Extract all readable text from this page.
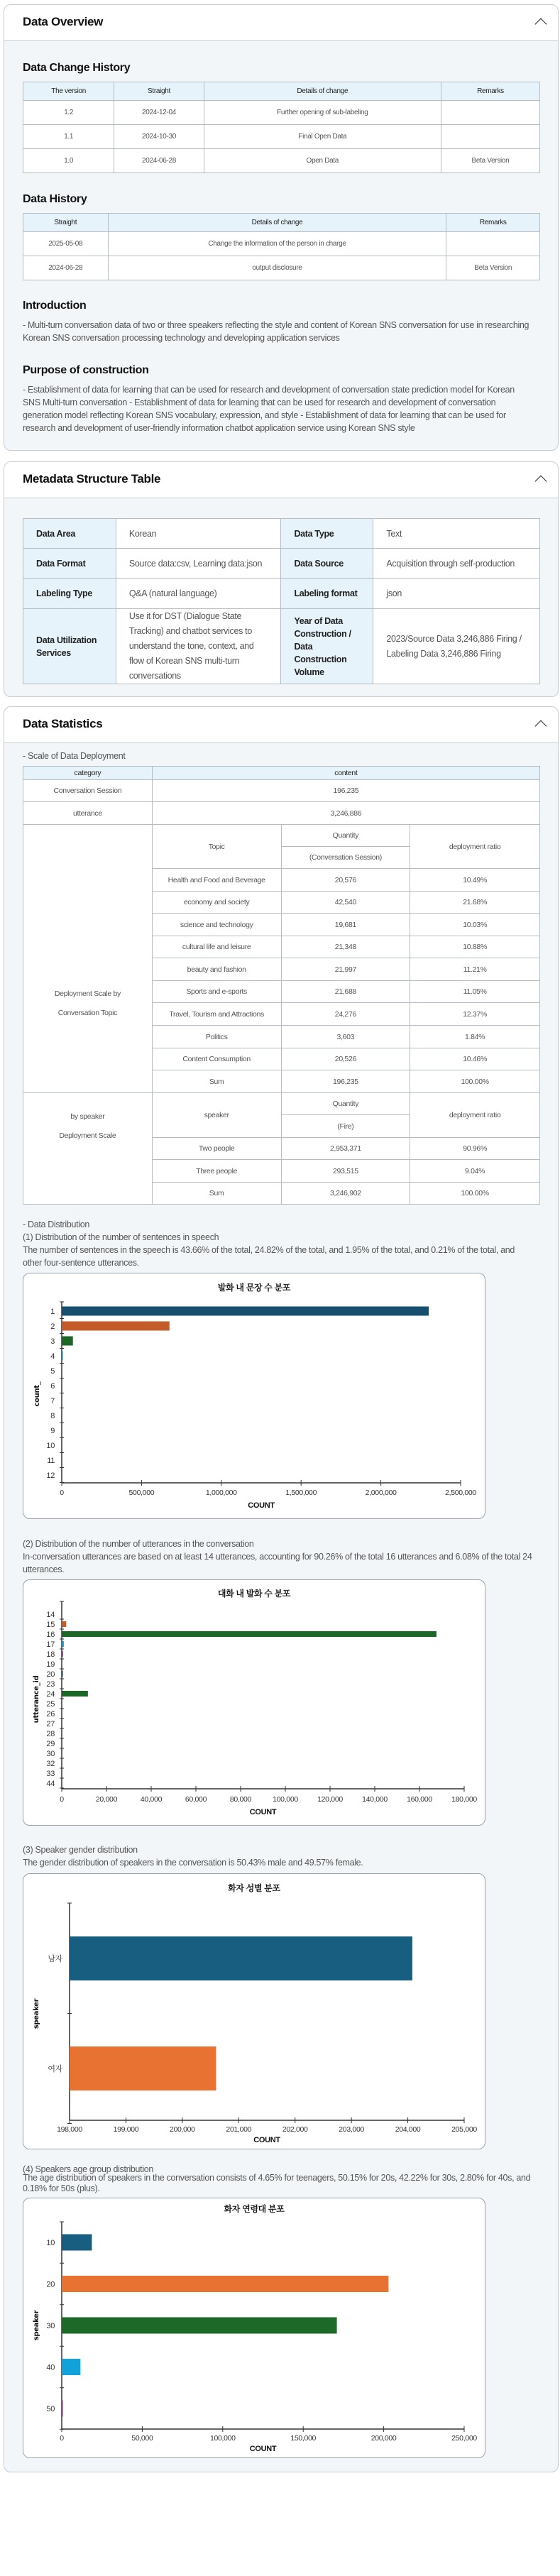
Data Overview
Data Change History
The version	Straight	Details of change	Remarks
1.2	2024-12-04	Further opening of sub-labeling	
1.1	2024-10-30	Final Open Data	
1.0	2024-06-28	Open Data	Beta Version
Data History
Straight	Details of change	Remarks
2025-05-08	Change the information of the person in charge	
2024-06-28	output disclosure	Beta Version
Introduction
- Multi-turn conversation data of two or three speakers reflecting the style and content of Korean SNS conversation for use in researching Korean SNS conversation processing technology and developing application services
Purpose of construction
- Establishment of data for learning that can be used for research and development of conversation state prediction model for Korean SNS Multi-turn conversation - Establishment of data for learning that can be used for research and development of conversation generation model reflecting Korean SNS vocabulary, expression, and style - Establishment of data for learning that can be used for research and development of user-friendly information chatbot application service using Korean SNS style
Metadata Structure Table
Data Area	Korean	Data Type	Text
Data Format	Source data:csv, Learning data:json	Data Source	Acquisition through self-production
Labeling Type	Q&A (natural language)	Labeling format	json
Data Utilization Services	Use it for DST (Dialogue State Tracking) and chatbot services to understand the tone, context, and flow of Korean SNS multi-turn conversations	Year of Data Construction / Data Construction Volume	2023/Source Data 3,246,886 Firing / Labeling Data 3,246,886 Firing
Data Statistics
- Scale of Data Deployment
category	content		
Conversation Session	196,235		
utterance	3,246,886		
Deployment Scale by Conversation Topic	Topic	Quantity	deployment ratio
		(Conversation Session)	
	Health and Food and Beverage	20,576	10.49%
	economy and society	42,540	21.68%
	science and technology	19,681	10.03%
	cultural life and leisure	21,348	10.88%
	beauty and fashion	21,997	11.21%
	Sports and e-sports	21,688	11.05%
	Travel, Tourism and Attractions	24,276	12.37%
	Politics	3,603	1.84%
	Content Consumption	20,526	10.46%
	Sum	196,235	100.00%
by speaker
Deployment Scale	speaker	Quantity	deployment ratio
		(Fire)	
	Two people	2,953,371	90.96%
	Three people	293,515	9.04%
	Sum	3,246,902	100.00%
- Data Distribution
(1) Distribution of the number of sentences in speech
The number of sentences in the speech is 43.66% of the total, 24.82% of the total, and 1.95% of the total, and 0.21% of the total, and other four-sentence utterances.
1
2
3
4
5
6
7
8
9
10
11
12
0	500,000	1,000,000	1,500,000	2,000,000	2,500,000
COUNT
count_
발화 내 문장 수 분포
(2) Distribution of the number of utterances in the conversation
In-conversation utterances are based on at least 14 utterances, accounting for 90.26% of the total 16 utterances and 6.08% of the total 24 utterances.
14
15
16
17
18
19
20
23
24
25
26
27
28
29
30
32
33
44
0	20,000	40,000	60,000	80,000	100,000	120,000	140,000	160,000	180,000
COUNT
utterance_id
대화 내 발화 수 분포
(3) Speaker gender distribution
The gender distribution of speakers in the conversation is 50.43% male and 49.57% female.
남자
여자
198,000	199,000	200,000	201,000	202,000	203,000	204,000	205,000
COUNT
speaker
화자 성별 분포
(4) Speakers age group distribution
The age distribution of speakers in the conversation consists of 4.65% for teenagers, 50.15% for 20s, 42.22% for 30s, 2.80% for 40s, and 0.18% for 50s (plus).
10
20
30
40
50
0	50,000	100,000	150,000	200,000	250,000
COUNT
speaker
화자 연령대 분포
